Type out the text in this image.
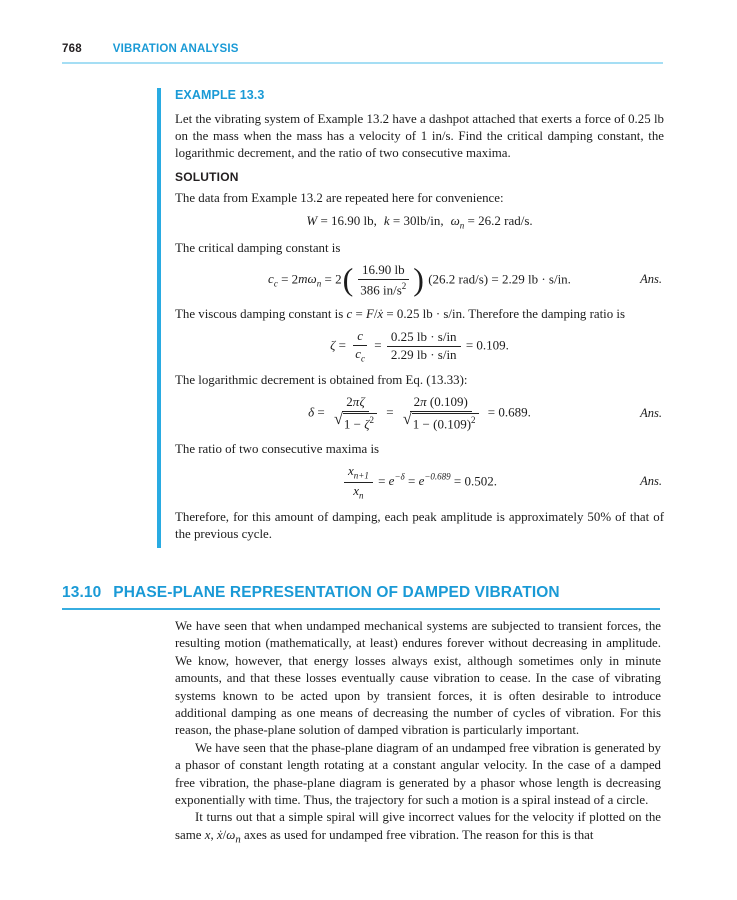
768	VIBRATION ANALYSIS
EXAMPLE 13.3

Let the vibrating system of Example 13.2 have a dashpot attached that exerts a force of 0.25 lb on the mass when the mass has a velocity of 1 in/s. Find the critical damping constant, the logarithmic decrement, and the ratio of two consecutive maxima.

SOLUTION

The data from Example 13.2 are repeated here for convenience:

W = 16.90 lb, k = 30lb/in, $\omega_n = 26.2$ rad/s.

The critical damping constant is

$c_c = 2m\omega_n = 2( \frac{16.90 lb}{386 in/s^2}$ ) (26.2 rad/s) = 2.29 lb · s/in.	Ans.

The viscous damping constant is c = F/ẋ = 0.25 lb · s/in. Therefore the damping ratio is

$\zeta = \frac{c}{c_c} = \frac{0.25 lb \cdot s/in}{2.29 lb \cdot s/in} = 0.109$.

The logarithmic decrement is obtained from Eq. (13.33):

$\delta = \frac{2\pi\zeta}{√ 1 - \zeta^2} = \frac{2\pi (0.109)}{√ 1 - (0.109)^2} = 0.689$.	Ans.

The ratio of two consecutive maxima is

$\frac{x_{n+1}}{x_n} = e^{-\delta} = e^{-0.689} = 0.502$.	Ans.

Therefore, for this amount of damping, each peak amplitude is approximately 50% of that of the previous cycle.

13.10 PHASE-PLANE REPRESENTATION OF DAMPED VIBRATION

We have seen that when undamped mechanical systems are subjected to transient forces, the resulting motion (mathematically, at least) endures forever without decreasing in amplitude. We know, however, that energy losses always exist, although sometimes only in minute amounts, and that these losses eventually cause vibration to cease. In the case of vibrating systems known to be acted upon by transient forces, it is often desirable to introduce additional damping as one means of decreasing the number of cycles of vibration. For this reason, the phase-plane solution of damped vibration is particularly important.

We have seen that the phase-plane diagram of an undamped free vibration is generated by a phasor of constant length rotating at a constant angular velocity. In the case of a damped free vibration, the phase-plane diagram is generated by a phasor whose length is decreasing exponentially with time. Thus, the trajectory for such a motion is a spiral instead of a circle.

It turns out that a simple spiral will give incorrect values for the velocity if plotted on the same x, $ẋ/\omega_n$ axes as used for undamped free vibration. The reason for this is that
